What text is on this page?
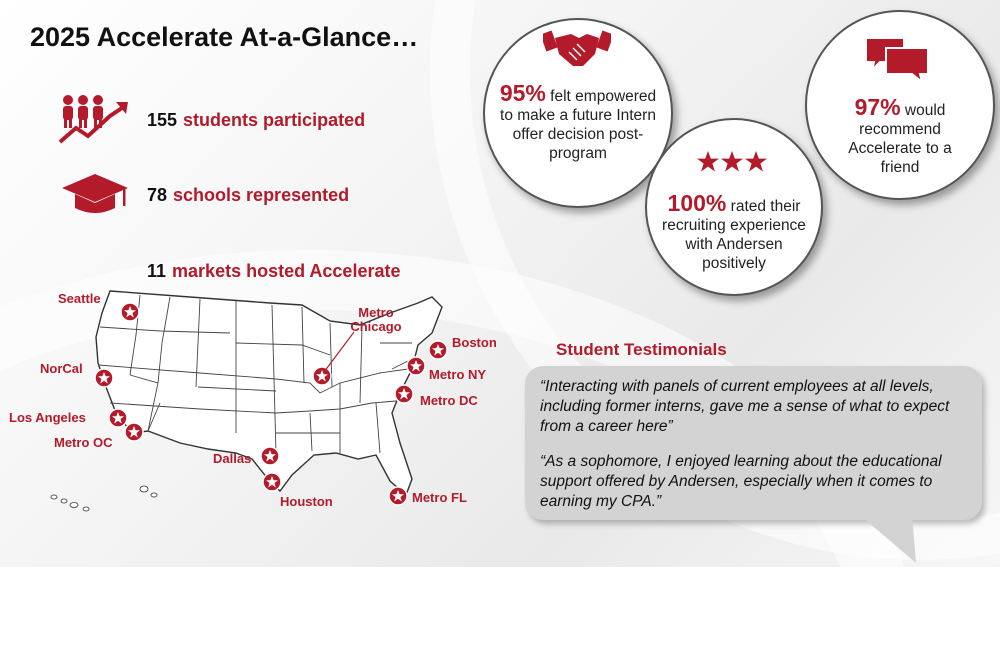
2025 Accelerate At-a-Glance…
155 students participated
78 schools represented
11 markets hosted Accelerate
Seattle
NorCal
Los Angeles
Metro OC
Dallas
Houston
Metro
Chicago
Boston
Metro NY
Metro DC
Metro FL
95% felt empowered to make a future Intern offer decision post-program
97% would recommend Accelerate to a friend
100% rated their recruiting experience with Andersen positively
Student Testimonials
“Interacting with panels of current employees at all levels, including former interns, gave me a sense of what to expect from a career here”
“As a sophomore, I enjoyed learning about the educational support offered by Andersen, especially when it comes to earning my CPA.”
